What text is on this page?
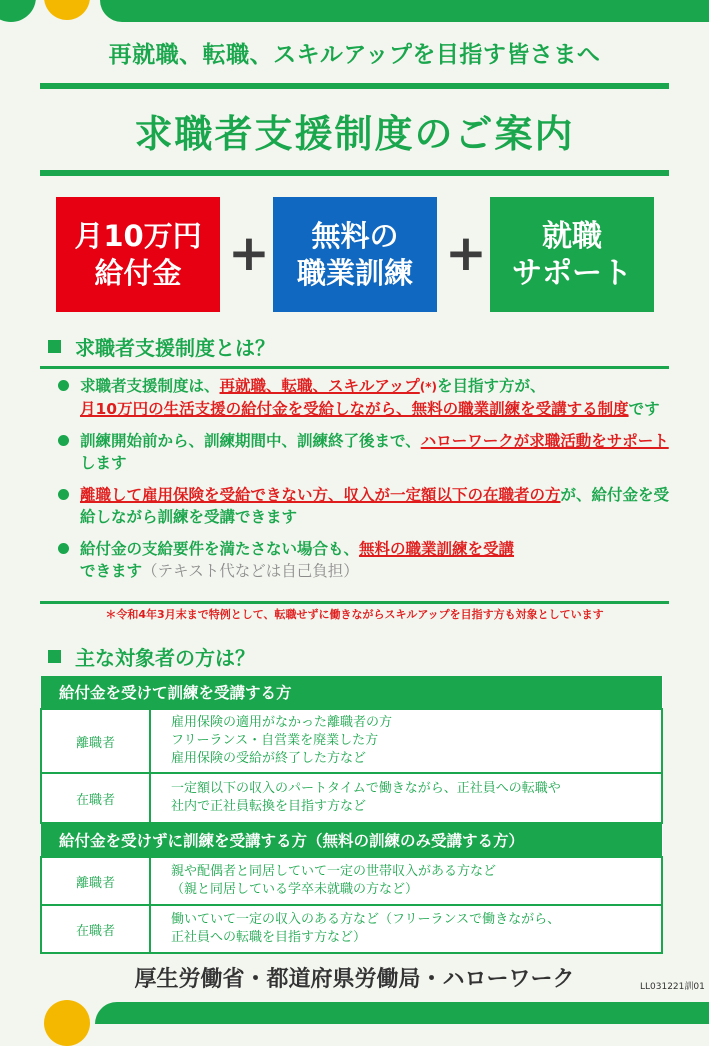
再就職、転職、スキルアップを目指す皆さまへ
求職者支援制度のご案内
月10万円
給付金 +	無料の
職業訓練 +	就職
サポート
求職者支援制度とは？
求職者支援制度は、再就職、転職、スキルアップ(*)を目指す方が、
月10万円の生活支援の給付金を受給しながら、無料の職業訓練を受講する制度です
訓練開始前から、訓練期間中、訓練終了後まで、ハローワークが求職活動をサポートします
離職して雇用保険を受給できない方、収入が一定額以下の在職者の方が、給付金を受給しながら訓練を受講できます
給付金の支給要件を満たさない場合も、無料の職業訓練を受講
できます（テキスト代などは自己負担）
＊令和4年3月末まで特例として、転職せずに働きながらスキルアップを目指す方も対象としています
主な対象者の方は？
給付金を受けて訓練を受講する方	
離職者	雇用保険の適用がなかった離職者の方
フリーランス・自営業を廃業した方
雇用保険の受給が終了した方など

在職者	一定額以下の収入のパートタイムで働きながら、正社員への転職や
社内で正社員転換を目指す方など

給付金を受けずに訓練を受講する方（無料の訓練のみ受講する方）	
離職者	親や配偶者と同居していて一定の世帯収入がある方など
（親と同居している学卒未就職の方など）

在職者	働いていて一定の収入のある方など（フリーランスで働きながら、
正社員への転職を目指す方など）
厚生労働省・都道府県労働局・ハローワーク	LL031221訓01
